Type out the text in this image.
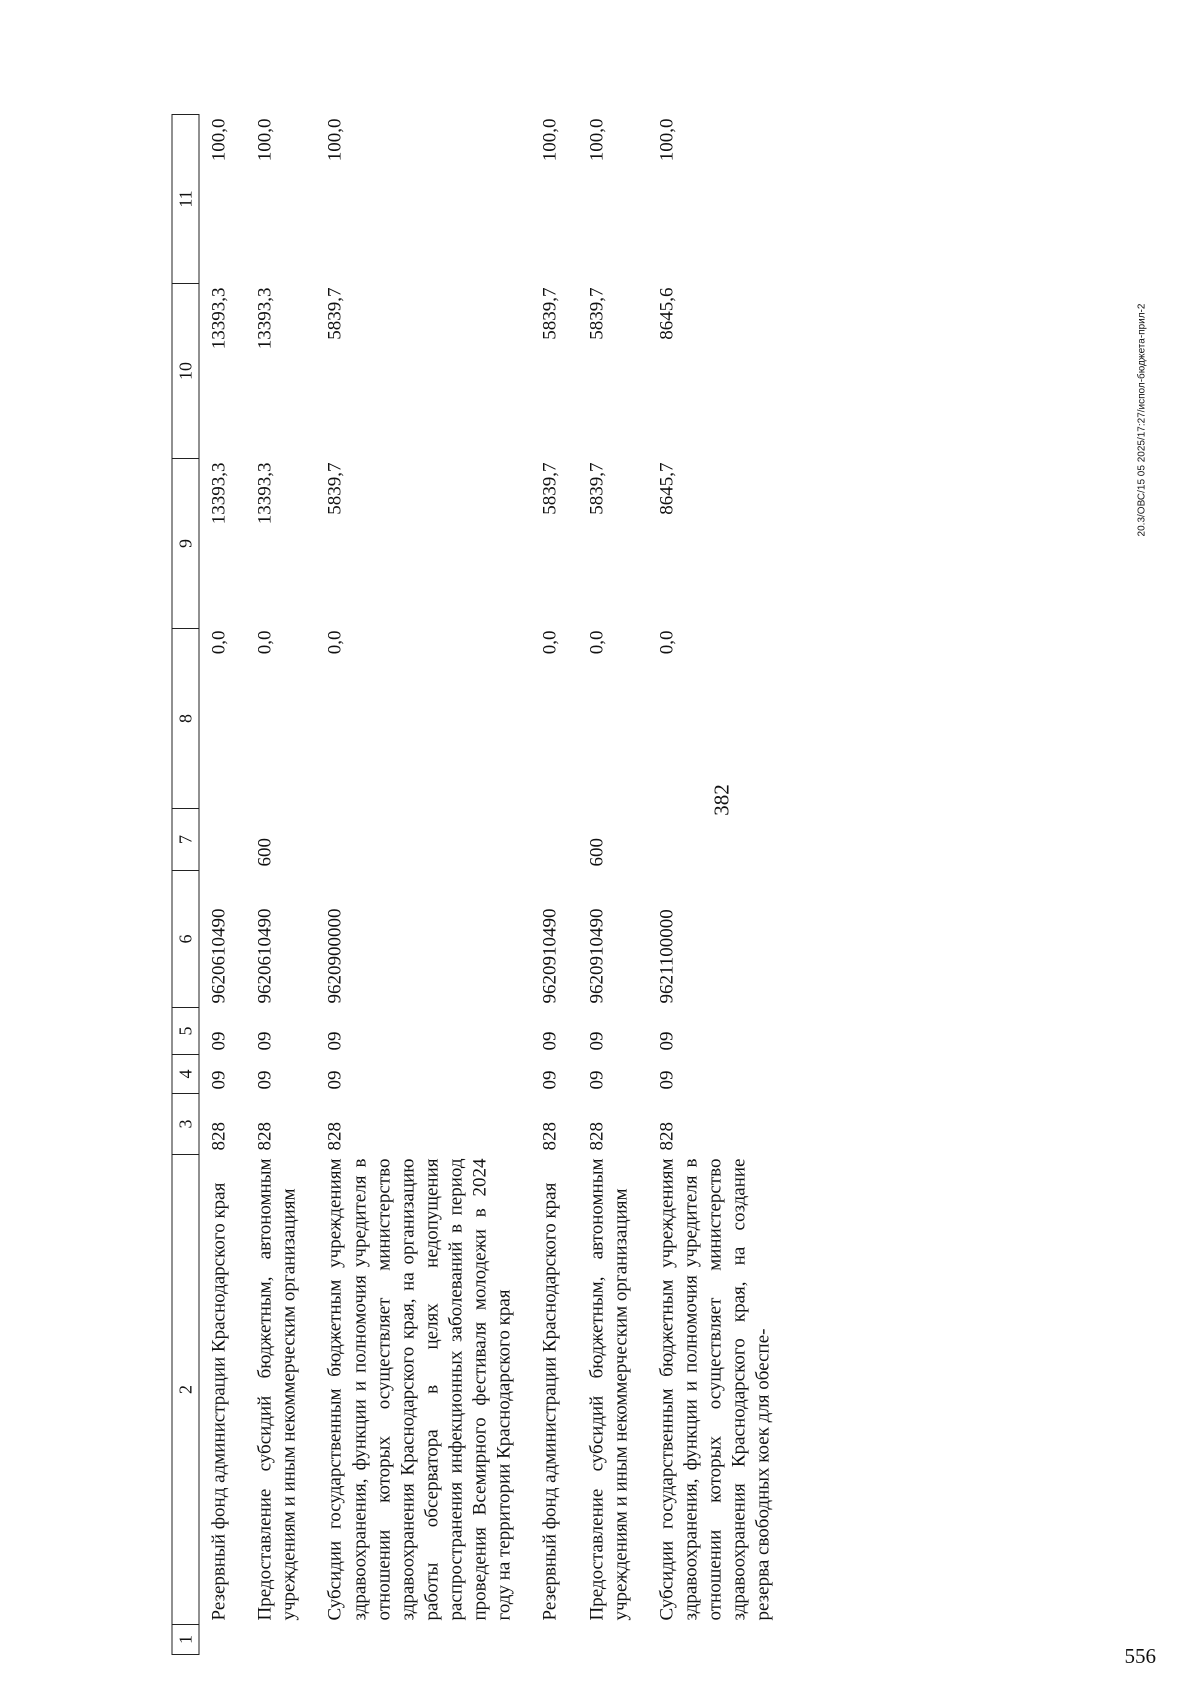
382
20.3/ОВС/15 05 2025/17:27/испол-бюджета-прил-2
556
1	2	3	4	5	6	7	8	9	10	11
	Резервный фонд администрации Краснодарского края	828	09	09	9620610490		0,0	13393,3	13393,3	100,0
	Предоставление субсидий бюджетным, автономным учреждениям и иным некоммерческим организациям	828	09	09	9620610490	600	0,0	13393,3	13393,3	100,0
	Субсидии государственным бюджетным учреждениям здравоохранения, функции и полномочия учредителя в отношении которых осуществляет министерство здравоохранения Краснодарского края, на организацию работы обсерватора в целях недопущения распространения инфекционных заболеваний в период проведения Всемирного фестиваля молодежи в 2024 году на территории Краснодарского края	828	09	09	9620900000		0,0	5839,7	5839,7	100,0
	Резервный фонд администрации Краснодарского края	828	09	09	9620910490		0,0	5839,7	5839,7	100,0
	Предоставление субсидий бюджетным, автономным учреждениям и иным некоммерческим организациям	828	09	09	9620910490	600	0,0	5839,7	5839,7	100,0
	Субсидии государственным бюджетным учреждениям здравоохранения, функции и полномочия учредителя в отношении которых осуществляет министерство здравоохранения Краснодарского края, на создание резерва свободных коек для обеспе-	828	09	09	9621100000		0,0	8645,7	8645,6	100,0
